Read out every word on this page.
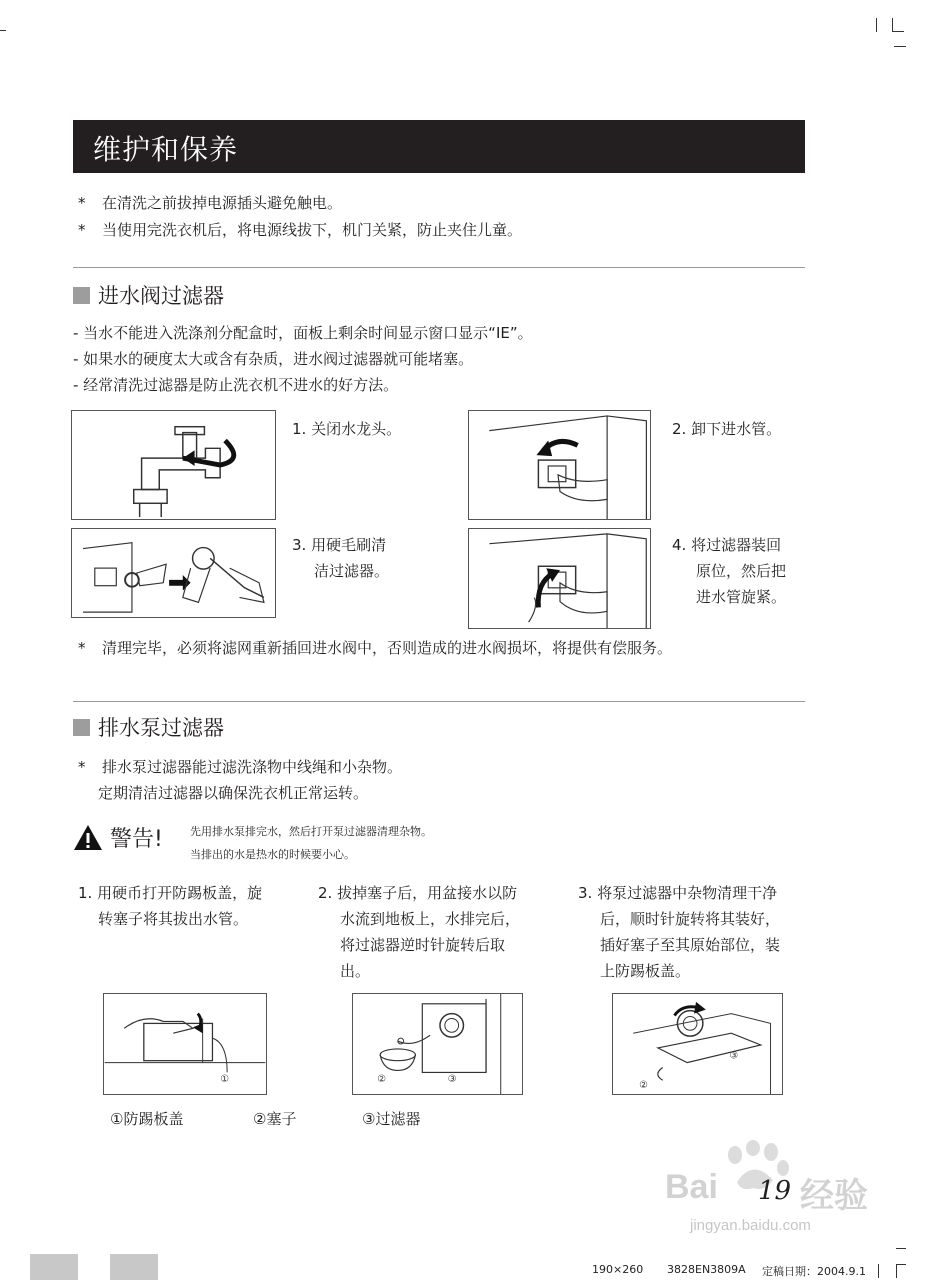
维护和保养
* 在清洗之前拔掉电源插头避免触电。
* 当使用完洗衣机后，将电源线拔下，机门关紧，防止夹住儿童。
进水阀过滤器
- 当水不能进入洗涤剂分配盒时，面板上剩余时间显示窗口显示“IE”。
- 如果水的硬度太大或含有杂质，进水阀过滤器就可能堵塞。
- 经常清洗过滤器是防止洗衣机不进水的好方法。
1. 关闭水龙头。	2. 卸下进水管。
3. 用硬毛刷清
洁过滤器。
4. 将过滤器装回
原位，然后把
进水管旋紧。
* 清理完毕，必须将滤网重新插回进水阀中，否则造成的进水阀损坏，将提供有偿服务。
排水泵过滤器
* 排水泵过滤器能过滤洗涤物中线绳和小杂物。
定期清洁过滤器以确保洗衣机正常运转。
警告! 先用排水泵排完水，然后打开泵过滤器清理杂物。
当排出的水是热水的时候要小心。
1. 用硬币打开防踢板盖，旋
转塞子将其拔出水管。
2. 拔掉塞子后，用盆接水以防
水流到地板上，水排完后，
将过滤器逆时针旋转后取
出。
3. 将泵过滤器中杂物清理干净
后，顺时针旋转将其装好，
插好塞子至其原始部位，装
上防踢板盖。
①	②	③
②
③
①防踢板盖	②塞子	③过滤器
Bai 经验
19
jingyan.baidu.com
190×260 3828EN3809A 定稿日期：2004.9.1
